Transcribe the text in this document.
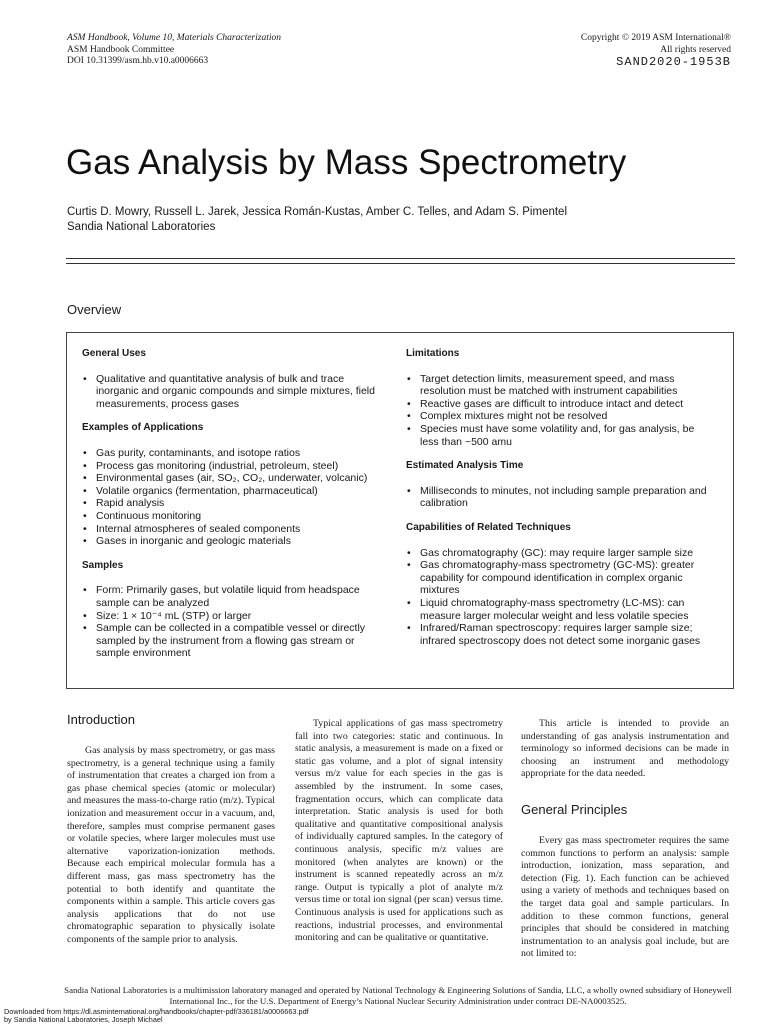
ASM Handbook, Volume 10, Materials Characterization
ASM Handbook Committee
DOI 10.31399/asm.hb.v10.a0006663
Copyright © 2019 ASM International®
All rights reserved
SAND2020-1953B
Gas Analysis by Mass Spectrometry
Curtis D. Mowry, Russell L. Jarek, Jessica Román-Kustas, Amber C. Telles, and Adam S. Pimentel
Sandia National Laboratories
Overview
General Uses
• Qualitative and quantitative analysis of bulk and trace inorganic and organic compounds and simple mixtures, field measurements, process gases
Examples of Applications
• Gas purity, contaminants, and isotope ratios
• Process gas monitoring (industrial, petroleum, steel)
• Environmental gases (air, SO₂, CO₂, underwater, volcanic)
• Volatile organics (fermentation, pharmaceutical)
• Rapid analysis
• Continuous monitoring
• Internal atmospheres of sealed components
• Gases in inorganic and geologic materials
Samples
• Form: Primarily gases, but volatile liquid from headspace sample can be analyzed
• Size: 1 × 10⁻⁴ mL (STP) or larger
• Sample can be collected in a compatible vessel or directly sampled by the instrument from a flowing gas stream or sample environment
Limitations
• Target detection limits, measurement speed, and mass resolution must be matched with instrument capabilities
• Reactive gases are difficult to introduce intact and detect
• Complex mixtures might not be resolved
• Species must have some volatility and, for gas analysis, be less than ~500 amu
Estimated Analysis Time
• Milliseconds to minutes, not including sample preparation and calibration
Capabilities of Related Techniques
• Gas chromatography (GC): may require larger sample size
• Gas chromatography-mass spectrometry (GC-MS): greater capability for compound identification in complex organic mixtures
• Liquid chromatography-mass spectrometry (LC-MS): can measure larger molecular weight and less volatile species
• Infrared/Raman spectroscopy: requires larger sample size; infrared spectroscopy does not detect some inorganic gases
Introduction

Gas analysis by mass spectrometry, or gas mass spectrometry, is a general technique using a family of instrumentation that creates a charged ion from a gas phase chemical species (atomic or molecular) and measures the mass-to-charge ratio (m/z). Typical ionization and measurement occur in a vacuum, and, therefore, samples must comprise permanent gases or volatile species, where larger molecules must use alternative vaporization-ionization methods. Because each empirical molecular formula has a different mass, gas mass spectrometry has the potential to both identify and quantitate the components within a sample. This article covers gas analysis applications that do not use chromatographic separation to physically isolate components of the sample prior to analysis.

Typical applications of gas mass spectrometry fall into two categories: static and continuous. In static analysis, a measurement is made on a fixed or static gas volume, and a plot of signal intensity versus m/z value for each species in the gas is assembled by the instrument. In some cases, fragmentation occurs, which can complicate data interpretation. Static analysis is used for both qualitative and quantitative compositional analysis of individually captured samples. In the category of continuous analysis, specific m/z values are monitored (when analytes are known) or the instrument is scanned repeatedly across an m/z range. Output is typically a plot of analyte m/z versus time or total ion signal (per scan) versus time. Continuous analysis is used for applications such as reactions, industrial processes, and environmental monitoring and can be qualitative or quantitative.

This article is intended to provide an understanding of gas analysis instrumentation and terminology so informed decisions can be made in choosing an instrument and methodology appropriate for the data needed.

General Principles

Every gas mass spectrometer requires the same common functions to perform an analysis: sample introduction, ionization, mass separation, and detection (Fig. 1). Each function can be achieved using a variety of methods and techniques based on the target data goal and sample particulars. In addition to these common functions, general principles that should be considered in matching instrumentation to an analysis goal include, but are not limited to:

Sandia National Laboratories is a multimission laboratory managed and operated by National Technology & Engineering Solutions of Sandia, LLC, a wholly owned subsidiary of Honeywell International Inc., for the U.S. Department of Energy’s National Nuclear Security Administration under contract DE-NA0003525.
Downloaded from https://dl.asminternational.org/handbooks/chapter-pdf/336181/a0006663.pdf
by Sandia National Laboratories, Joseph Michael
